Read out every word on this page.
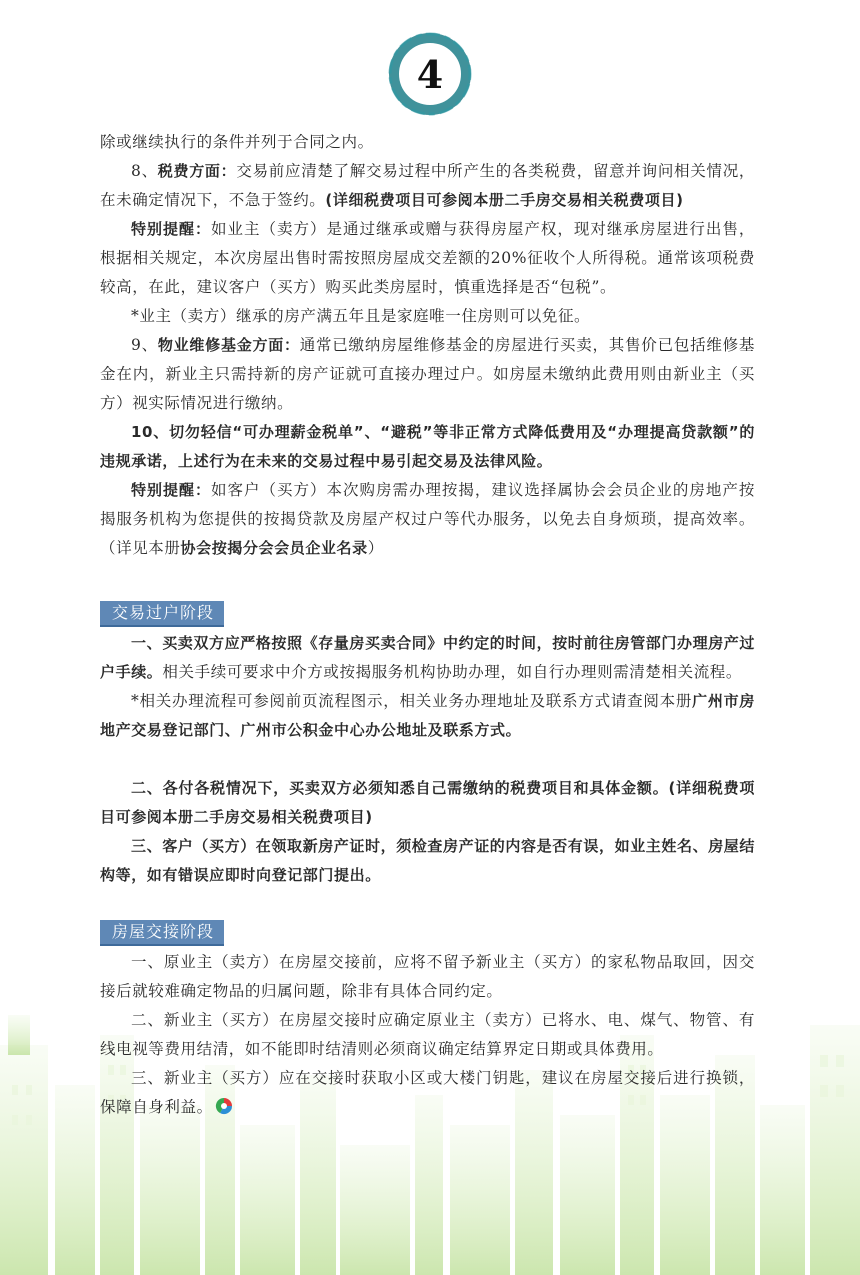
4

除或继续执行的条件并列于合同之内。

8、税费方面：交易前应清楚了解交易过程中所产生的各类税费，留意并询问相关情况，在未确定情况下，不急于签约。(详细税费项目可参阅本册二手房交易相关税费项目)

特别提醒：如业主（卖方）是通过继承或赠与获得房屋产权，现对继承房屋进行出售，根据相关规定，本次房屋出售时需按照房屋成交差额的20%征收个人所得税。通常该项税费较高，在此，建议客户（买方）购买此类房屋时，慎重选择是否“包税”。

*业主（卖方）继承的房产满五年且是家庭唯一住房则可以免征。

9、物业维修基金方面：通常已缴纳房屋维修基金的房屋进行买卖，其售价已包括维修基金在内，新业主只需持新的房产证就可直接办理过户。如房屋未缴纳此费用则由新业主（买方）视实际情况进行缴纳。

10、切勿轻信“可办理薪金税单”、“避税”等非正常方式降低费用及“办理提高贷款额”的违规承诺，上述行为在未来的交易过程中易引起交易及法律风险。

特别提醒：如客户（买方）本次购房需办理按揭，建议选择属协会会员企业的房地产按揭服务机构为您提供的按揭贷款及房屋产权过户等代办服务，以免去自身烦琐，提高效率。（详见本册协会按揭分会会员企业名录）

交易过户阶段

一、买卖双方应严格按照《存量房买卖合同》中约定的时间，按时前往房管部门办理房产过户手续。相关手续可要求中介方或按揭服务机构协助办理，如自行办理则需清楚相关流程。

*相关办理流程可参阅前页流程图示，相关业务办理地址及联系方式请查阅本册广州市房地产交易登记部门、广州市公积金中心办公地址及联系方式。

二、各付各税情况下，买卖双方必须知悉自己需缴纳的税费项目和具体金额。(详细税费项目可参阅本册二手房交易相关税费项目)

三、客户（买方）在领取新房产证时，须检查房产证的内容是否有误，如业主姓名、房屋结构等，如有错误应即时向登记部门提出。

房屋交接阶段

一、原业主（卖方）在房屋交接前，应将不留予新业主（买方）的家私物品取回，因交接后就较难确定物品的归属问题，除非有具体合同约定。

二、新业主（买方）在房屋交接时应确定原业主（卖方）已将水、电、煤气、物管、有线电视等费用结清，如不能即时结清则必须商议确定结算界定日期或具体费用。

三、新业主（买方）应在交接时获取小区或大楼门钥匙，建议在房屋交接后进行换锁，保障自身利益。
